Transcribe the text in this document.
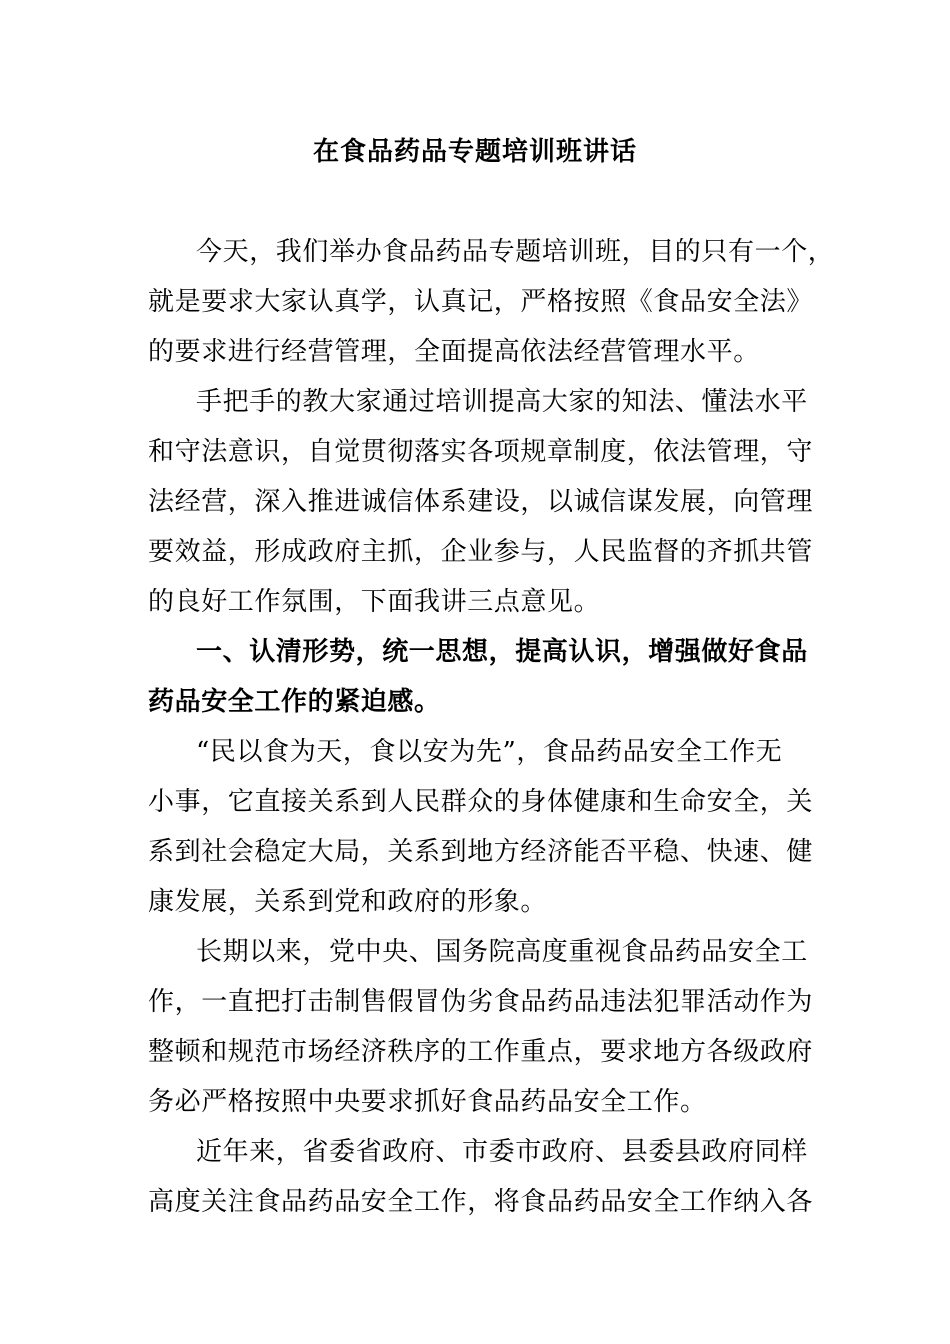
在食品药品专题培训班讲话
今天，我们举办食品药品专题培训班，目的只有一个，
就是要求大家认真学，认真记，严格按照《食品安全法》
的要求进行经营管理，全面提高依法经营管理水平。
手把手的教大家通过培训提高大家的知法、懂法水平
和守法意识，自觉贯彻落实各项规章制度，依法管理，守
法经营，深入推进诚信体系建设，以诚信谋发展，向管理
要效益，形成政府主抓，企业参与，人民监督的齐抓共管
的良好工作氛围，下面我讲三点意见。
一、认清形势，统一思想，提高认识，增强做好食品
药品安全工作的紧迫感。
“民以食为天，食以安为先”，食品药品安全工作无
小事，它直接关系到人民群众的身体健康和生命安全，关
系到社会稳定大局，关系到地方经济能否平稳、快速、健
康发展，关系到党和政府的形象。
长期以来，党中央、国务院高度重视食品药品安全工
作，一直把打击制售假冒伪劣食品药品违法犯罪活动作为
整顿和规范市场经济秩序的工作重点，要求地方各级政府
务必严格按照中央要求抓好食品药品安全工作。
近年来，省委省政府、市委市政府、县委县政府同样
高度关注食品药品安全工作，将食品药品安全工作纳入各
